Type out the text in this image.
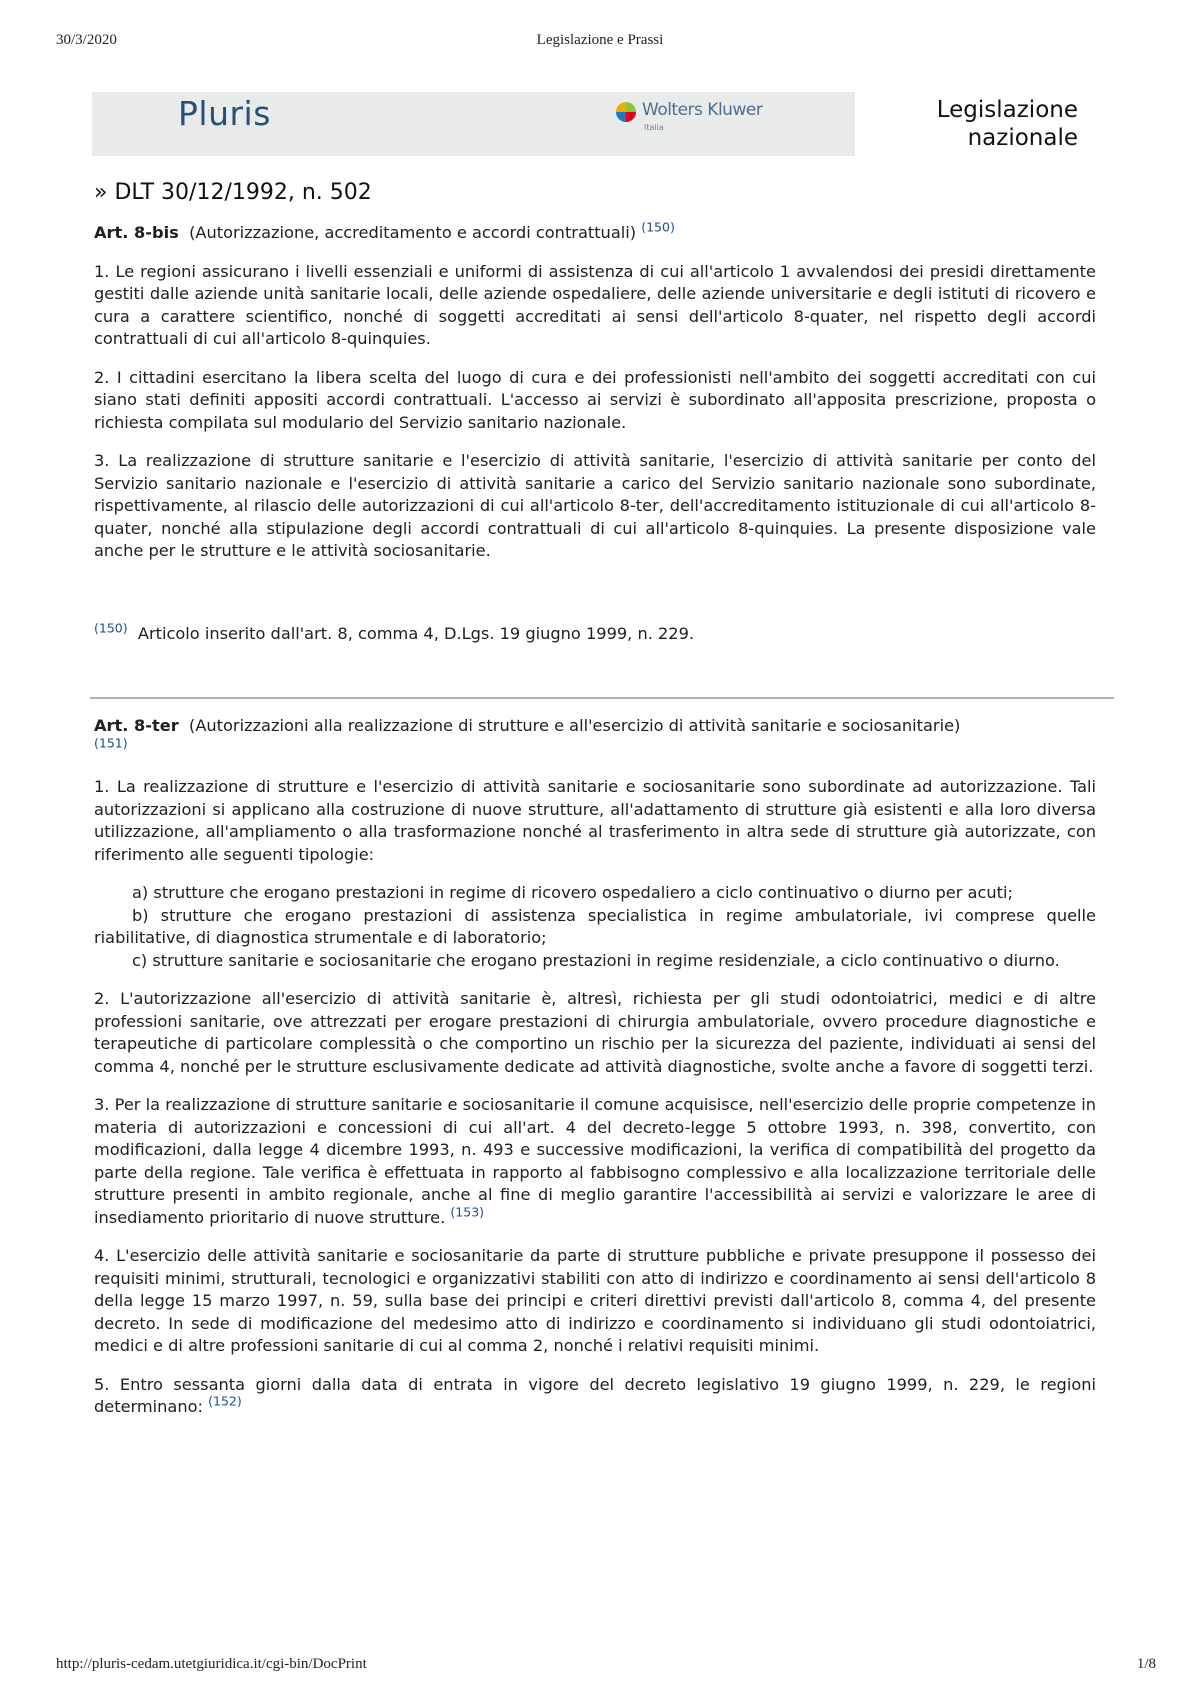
30/3/2020	Legislazione e Prassi
Pluris	Wolters Kluwer
Italia
Legislazione
nazionale
» DLT 30/12/1992, n. 502
Art. 8-bis (Autorizzazione, accreditamento e accordi contrattuali) $^{(150)}$

1. Le regioni assicurano i livelli essenziali e uniformi di assistenza di cui all'articolo 1 avvalendosi dei presidi direttamente gestiti dalle aziende unità sanitarie locali, delle aziende ospedaliere, delle aziende universitarie e degli istituti di ricovero e cura a carattere scientifico, nonché di soggetti accreditati ai sensi dell'articolo 8-quater, nel rispetto degli accordi contrattuali di cui all'articolo 8-quinquies.

2. I cittadini esercitano la libera scelta del luogo di cura e dei professionisti nell'ambito dei soggetti accreditati con cui siano stati definiti appositi accordi contrattuali. L'accesso ai servizi è subordinato all'apposita prescrizione, proposta o richiesta compilata sul modulario del Servizio sanitario nazionale.

3. La realizzazione di strutture sanitarie e l'esercizio di attività sanitarie, l'esercizio di attività sanitarie per conto del Servizio sanitario nazionale e l'esercizio di attività sanitarie a carico del Servizio sanitario nazionale sono subordinate, rispettivamente, al rilascio delle autorizzazioni di cui all'articolo 8-ter, dell'accreditamento istituzionale di cui all'articolo 8-quater, nonché alla stipulazione degli accordi contrattuali di cui all'articolo 8-quinquies. La presente disposizione vale anche per le strutture e le attività sociosanitarie.

$^{(150)}$ Articolo inserito dall'art. 8, comma 4, D.Lgs. 19 giugno 1999, n. 229.
Art. 8-ter (Autorizzazioni alla realizzazione di strutture e all'esercizio di attività sanitarie e sociosanitarie)
$^{(151)}$

1. La realizzazione di strutture e l'esercizio di attività sanitarie e sociosanitarie sono subordinate ad autorizzazione. Tali autorizzazioni si applicano alla costruzione di nuove strutture, all'adattamento di strutture già esistenti e alla loro diversa utilizzazione, all'ampliamento o alla trasformazione nonché al trasferimento in altra sede di strutture già autorizzate, con riferimento alle seguenti tipologie:

a) strutture che erogano prestazioni in regime di ricovero ospedaliero a ciclo continuativo o diurno per acuti;
b) strutture che erogano prestazioni di assistenza specialistica in regime ambulatoriale, ivi comprese quelle riabilitative, di diagnostica strumentale e di laboratorio;
c) strutture sanitarie e sociosanitarie che erogano prestazioni in regime residenziale, a ciclo continuativo o diurno.

2. L'autorizzazione all'esercizio di attività sanitarie è, altresì, richiesta per gli studi odontoiatrici, medici e di altre professioni sanitarie, ove attrezzati per erogare prestazioni di chirurgia ambulatoriale, ovvero procedure diagnostiche e terapeutiche di particolare complessità o che comportino un rischio per la sicurezza del paziente, individuati ai sensi del comma 4, nonché per le strutture esclusivamente dedicate ad attività diagnostiche, svolte anche a favore di soggetti terzi.

3. Per la realizzazione di strutture sanitarie e sociosanitarie il comune acquisisce, nell'esercizio delle proprie competenze in materia di autorizzazioni e concessioni di cui all'art. 4 del decreto-legge 5 ottobre 1993, n. 398, convertito, con modificazioni, dalla legge 4 dicembre 1993, n. 493 e successive modificazioni, la verifica di compatibilità del progetto da parte della regione. Tale verifica è effettuata in rapporto al fabbisogno complessivo e alla localizzazione territoriale delle strutture presenti in ambito regionale, anche al fine di meglio garantire l'accessibilità ai servizi e valorizzare le aree di insediamento prioritario di nuove strutture. $^{(153)}$

4. L'esercizio delle attività sanitarie e sociosanitarie da parte di strutture pubbliche e private presuppone il possesso dei requisiti minimi, strutturali, tecnologici e organizzativi stabiliti con atto di indirizzo e coordinamento ai sensi dell'articolo 8 della legge 15 marzo 1997, n. 59, sulla base dei principi e criteri direttivi previsti dall'articolo 8, comma 4, del presente decreto. In sede di modificazione del medesimo atto di indirizzo e coordinamento si individuano gli studi odontoiatrici, medici e di altre professioni sanitarie di cui al comma 2, nonché i relativi requisiti minimi.

5. Entro sessanta giorni dalla data di entrata in vigore del decreto legislativo 19 giugno 1999, n. 229, le regioni determinano: $^{(152)}$

http://pluris-cedam.utetgiuridica.it/cgi-bin/DocPrint	1/8
